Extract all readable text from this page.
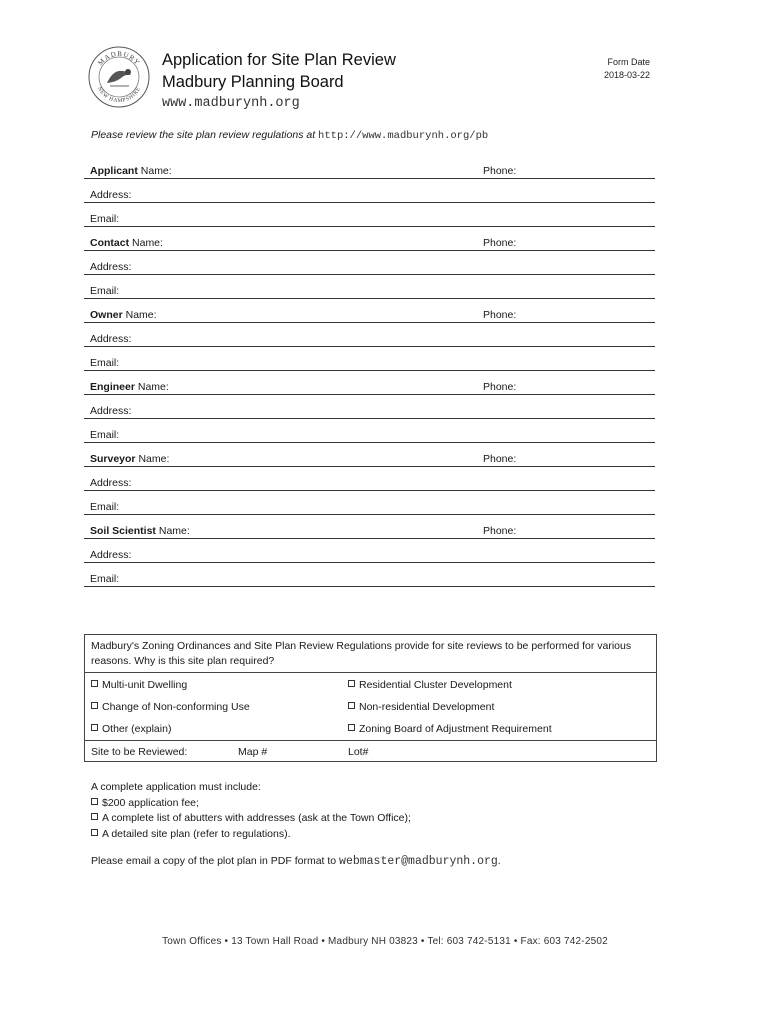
MADBURY
NEW HAMPSHIRE
Application for Site Plan Review
Madbury Planning Board
www.madburynh.org
Form Date
2018-03-22
Please review the site plan review regulations at http://www.madburynh.org/pb
Applicant Name:	Phone:
Address:
Email:
Contact Name:	Phone:
Address:
Email:
Owner Name:	Phone:
Address:
Email:
Engineer Name:	Phone:
Address:
Email:
Surveyor Name:	Phone:
Address:
Email:
Soil Scientist Name:	Phone:
Address:
Email:
Madbury's Zoning Ordinances and Site Plan Review Regulations provide for site reviews to be performed for various reasons. Why is this site plan required?
Multi-unit Dwelling	Residential Cluster Development
Change of Non-conforming Use	Non-residential Development
Other (explain)	Zoning Board of Adjustment Requirement
Site to be Reviewed:	Map #	Lot#
A complete application must include:
$200 application fee;
A complete list of abutters with addresses (ask at the Town Office);
A detailed site plan (refer to regulations).
Please email a copy of the plot plan in PDF format to webmaster@madburynh.org.
Town Offices • 13 Town Hall Road • Madbury NH 03823 • Tel: 603 742-5131 • Fax: 603 742-2502
